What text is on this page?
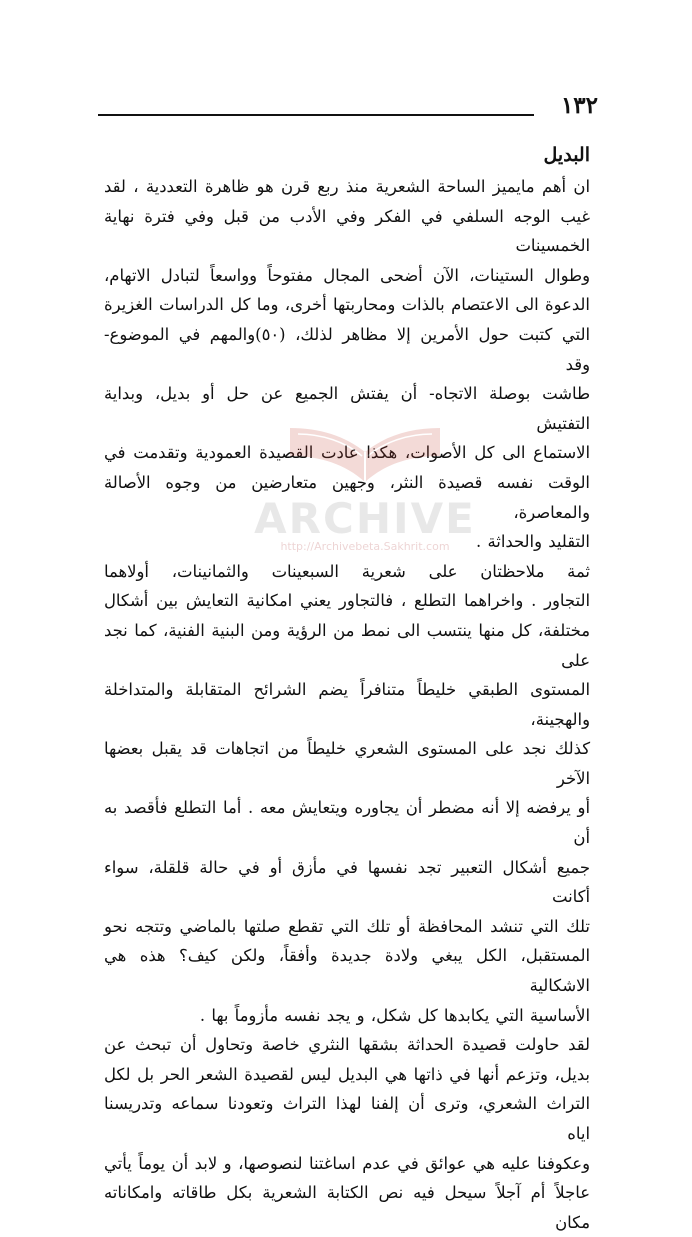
١٣٢
البديل

ان أهم مايميز الساحة الشعرية منذ ربع قرن هو ظاهرة التعددية ، لقد
غيب الوجه السلفي في الفكر وفي الأدب من قبل وفي فترة نهاية الخمسينات
وطوال الستينات، الآن أضحى المجال مفتوحاً وواسعاً لتبادل الاتهام،
الدعوة الى الاعتصام بالذات ومحاربتها أخرى، وما كل الدراسات الغزيرة
التي كتبت حول الأمرين إلا مظاهر لذلك، (٥٠)والمهم في الموضوع- وقد
طاشت بوصلة الاتجاه- أن يفتش الجميع عن حل أو بديل، وبداية التفتيش
الاستماع الى كل الأصوات، هكذا عادت القصيدة العمودية وتقدمت في
الوقت نفسه قصيدة النثر، وجهين متعارضين من وجوه الأصالة والمعاصرة،
التقليد والحداثة .

ثمة ملاحظتان على شعرية السبعينات والثمانينات، أولاهما
التجاور . واخراهما التطلع ، فالتجاور يعني امكانية التعايش بين أشكال
مختلفة، كل منها ينتسب الى نمط من الرؤية ومن البنية الفنية، كما نجد على
المستوى الطبقي خليطاً متنافراً يضم الشرائح المتقابلة والمتداخلة والهجينة،
كذلك نجد على المستوى الشعري خليطاً من اتجاهات قد يقبل بعضها الآخر
أو يرفضه إلا أنه مضطر أن يجاوره ويتعايش معه . أما التطلع فأقصد به أن
جميع أشكال التعبير تجد نفسها في مأزق أو في حالة قلقلة، سواء أكانت
تلك التي تنشد المحافظة أو تلك التي تقطع صلتها بالماضي وتتجه نحو
المستقبل، الكل يبغي ولادة جديدة وأفقاً، ولكن كيف؟ هذه هي الاشكالية
الأساسية التي يكابدها كل شكل، و يجد نفسه مأزوماً بها .

لقد حاولت قصيدة الحداثة بشقها النثري خاصة وتحاول أن تبحث عن
بديل، وتزعم أنها في ذاتها هي البديل ليس لقصيدة الشعر الحر بل لكل
التراث الشعري، وترى أن إلفنا لهذا التراث وتعودنا سماعه وتدريسنا اياه
وعكوفنا عليه هي عوائق في عدم اساغتنا لنصوصها، و لابد أن يوماً يأتي
عاجلاً أم آجلاً سيحل فيه نص الكتابة الشعرية بكل طاقاته وامكاناته مكان

ARCHIVE
http://Archivebeta.Sakhrit.com
